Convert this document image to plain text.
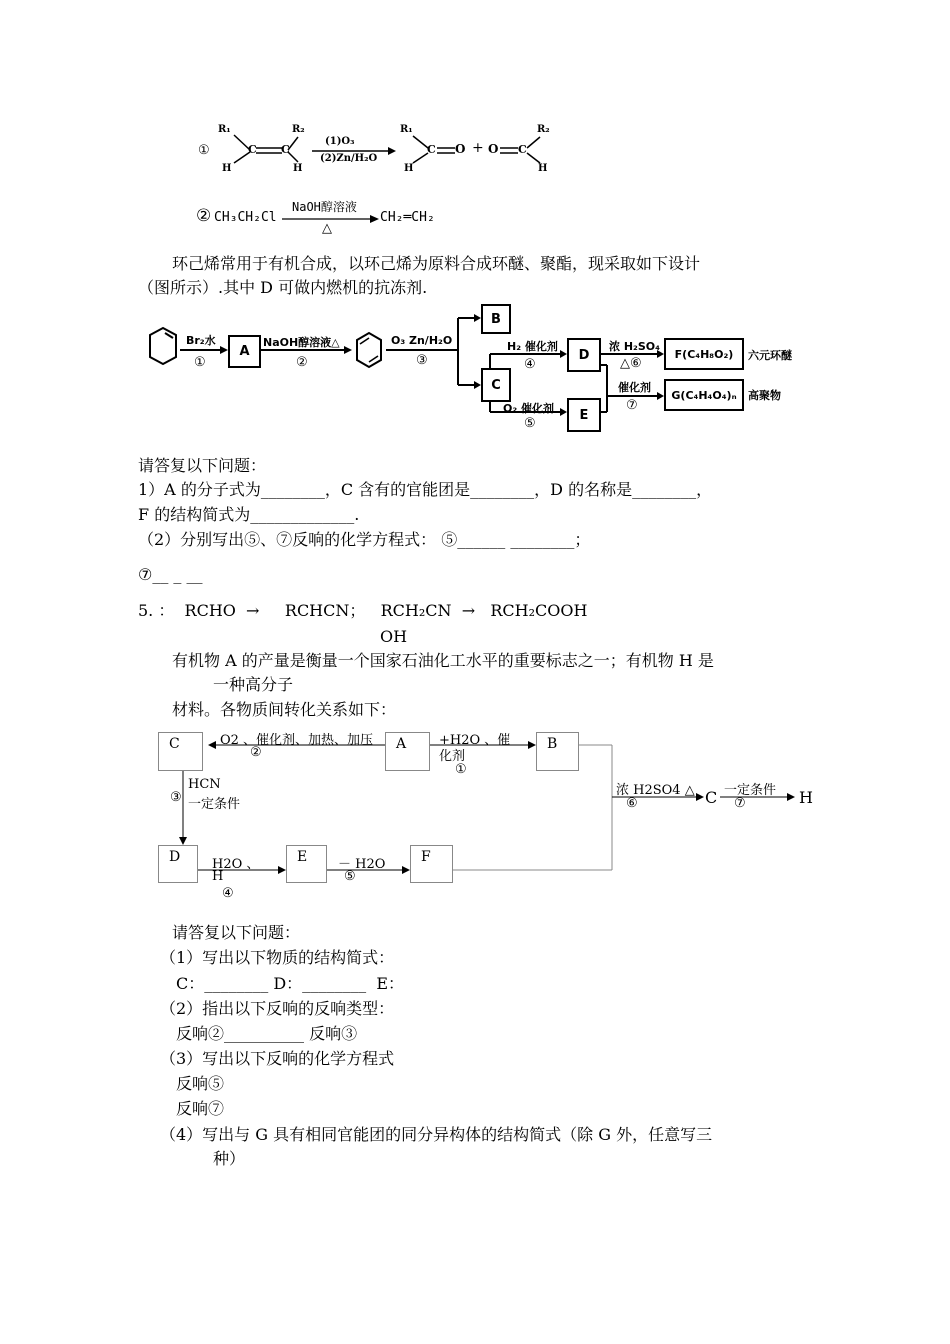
①
R₁
H
C C
R₂
H
(1)O₃
(2)Zn/H₂O
R₁
H
C O + O C
R₂
H
② CH₃CH₂Cl
NaOH醇溶液
△
CH₂═CH₂

环己烯常用于有机合成，以环己烯为原料合成环醚、聚酯，现采取如下设计

（图所示）.其中 D 可做内燃机的抗冻剂.

Br₂水
①
A
NaOH醇溶液△
②
O₃ Zn/H₂O
③
B
C
H₂ 催化剂
④
O₂ 催化剂
⑤
D
E
浓 H₂SO₄
△⑥
催化剂
⑦
F(C₄H₈O₂)	六元环醚
G(C₄H₄O₄)ₙ	高聚物

请答复以下问题：

1）A 的分子式为________，C 含有的官能团是________，D 的名称是________，

F 的结构简式为_____________.

（2）分别写出⑤、⑦反响的化学方程式： ⑤______ ________；

⑦__ _ __

5. ：  RCHO  →     RCHCN；   RCH₂CN  →   RCH₂COOH

OH

有机物 A 的产量是衡量一个国家石油化工水平的重要标志之一；有机物 H 是

一种高分子

材料。各物质间转化关系如下：

C	A	B
D	E	F
O2 、催化剂、加热、加压
②
+H2O 、催
化剂
①
HCN
③ 一定条件
H2O 、
H
④
－ H2O
⑤
浓 H2SO4 △
⑥	C 一定条件
⑦	H

请答复以下问题：

（1）写出以下物质的结构简式：

C：________ D：________  E：

（2）指出以下反响的反响类型：

反响②__________ 反响③

（3）写出以下反响的化学方程式

反响⑤

反响⑦

（4）写出与 G 具有相同官能团的同分异构体的结构简式（除 G 外，任意写三

种）
